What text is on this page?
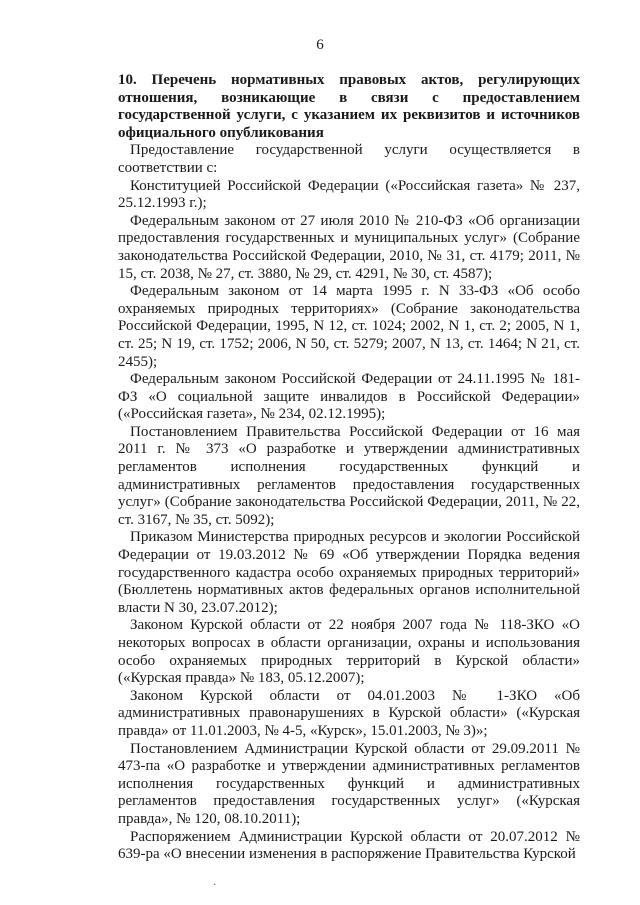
6

10. Перечень нормативных правовых актов, регулирующих отношения, возникающие в связи с предоставлением государственной услуги, с указанием их реквизитов и источников официального опубликования

Предоставление государственной услуги осуществляется в соответствии с:

Конституцией Российской Федерации («Российская газета» № 237, 25.12.1993 г.);

Федеральным законом от 27 июля 2010 № 210-ФЗ «Об организации предоставления государственных и муниципальных услуг» (Собрание законодательства Российской Федерации, 2010, № 31, ст. 4179; 2011, № 15, ст. 2038, № 27, ст. 3880, № 29, ст. 4291, № 30, ст. 4587);

Федеральным законом от 14 марта 1995 г. N 33-ФЗ «Об особо охраняемых природных территориях» (Собрание законодательства Российской Федерации, 1995, N 12, ст. 1024; 2002, N 1, ст. 2; 2005, N 1, ст. 25; N 19, ст. 1752; 2006, N 50, ст. 5279; 2007, N 13, ст. 1464; N 21, ст. 2455);

Федеральным законом Российской Федерации от 24.11.1995 № 181-ФЗ «О социальной защите инвалидов в Российской Федерации» («Российская газета», № 234, 02.12.1995);

Постановлением Правительства Российской Федерации от 16 мая 2011 г. № 373 «О разработке и утверждении административных регламентов исполнения государственных функций и административных регламентов предоставления государственных услуг» (Собрание законодательства Российской Федерации, 2011, № 22, ст. 3167, № 35, ст. 5092);

Приказом Министерства природных ресурсов и экологии Российской Федерации от 19.03.2012 № 69 «Об утверждении Порядка ведения государственного кадастра особо охраняемых природных территорий» (Бюллетень нормативных актов федеральных органов исполнительной власти N 30, 23.07.2012);

Законом Курской области от 22 ноября 2007 года № 118-ЗКО «О некоторых вопросах в области организации, охраны и использования особо охраняемых природных территорий в Курской области» («Курская правда» № 183, 05.12.2007);

Законом Курской области от 04.01.2003 № 1-ЗКО «Об административных правонарушениях в Курской области» («Курская правда» от 11.01.2003, № 4-5, «Курск», 15.01.2003, № 3)»;

Постановлением Администрации Курской области от 29.09.2011 № 473-па «О разработке и утверждении административных регламентов исполнения государственных функций и административных регламентов предоставления государственных услуг» («Курская правда», № 120, 08.10.2011);

Распоряжением Администрации Курской области от 20.07.2012 № 639-ра «О внесении изменения в распоряжение Правительства Курской

·
